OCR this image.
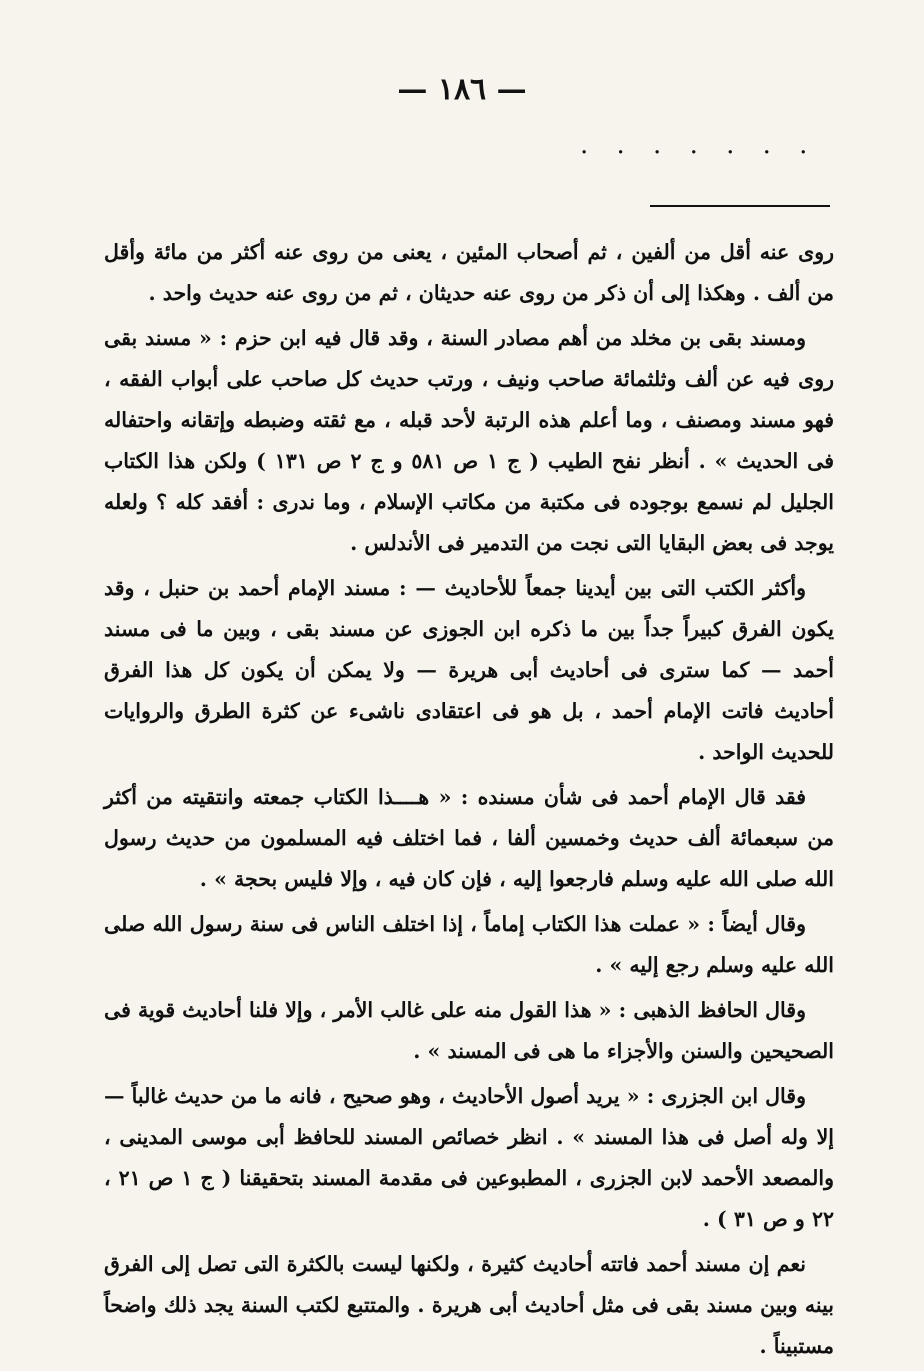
— ١٨٦ —
. . . . . . .

روى عنه أقل من ألفين ، ثم أصحاب المئين ، يعنى من روى عنه أكثر من مائة وأقل من ألف . وهكذا إلى أن ذكر من روى عنه حديثان ، ثم من روى عنه حديث واحد .

ومسند بقى بن مخلد من أهم مصادر السنة ، وقد قال فيه ابن حزم : « مسند بقى روى فيه عن ألف وثلثمائة صاحب ونيف ، ورتب حديث كل صاحب على أبواب الفقه ، فهو مسند ومصنف ، وما أعلم هذه الرتبة لأحد قبله ، مع ثقته وضبطه وإتقانه واحتفاله فى الحديث » . أنظر نفح الطيب ( ج ١ ص ٥٨١ و ج ٢ ص ١٣١ ) ولكن هذا الكتاب الجليل لم نسمع بوجوده فى مكتبة من مكاتب الإسلام ، وما ندرى : أفقد كله ؟ ولعله يوجد فى بعض البقايا التى نجت من التدمير فى الأندلس .

وأكثر الكتب التى بين أيدينا جمعاً للأحاديث — : مسند الإمام أحمد بن حنبل ، وقد يكون الفرق كبيراً جداً بين ما ذكره ابن الجوزى عن مسند بقى ، وبين ما فى مسند أحمد — كما سترى فى أحاديث أبى هريرة — ولا يمكن أن يكون كل هذا الفرق أحاديث فاتت الإمام أحمد ، بل هو فى اعتقادى ناشىء عن كثرة الطرق والروايات للحديث الواحد .

فقد قال الإمام أحمد فى شأن مسنده : « هــــذا الكتاب جمعته وانتقيته من أكثر من سبعمائة ألف حديث وخمسين ألفا ، فما اختلف فيه المسلمون من حديث رسول الله صلى الله عليه وسلم فارجعوا إليه ، فإن كان فيه ، وإلا فليس بحجة » .

وقال أيضاً : « عملت هذا الكتاب إماماً ، إذا اختلف الناس فى سنة رسول الله صلى الله عليه وسلم رجع إليه » .

وقال الحافظ الذهبى : « هذا القول منه على غالب الأمر ، وإلا فلنا أحاديث قوية فى الصحيحين والسنن والأجزاء ما هى فى المسند » .

وقال ابن الجزرى : « يريد أصول الأحاديث ، وهو صحيح ، فانه ما من حديث غالباً — إلا وله أصل فى هذا المسند » . انظر خصائص المسند للحافظ أبى موسى المدينى ، والمصعد الأحمد لابن الجزرى ، المطبوعين فى مقدمة المسند بتحقيقنا ( ج ١ ص ٢١ ، ٢٢ و ص ٣١ ) .

نعم إن مسند أحمد فاتته أحاديث كثيرة ، ولكنها ليست بالكثرة التى تصل إلى الفرق بينه وبين مسند بقى فى مثل أحاديث أبى هريرة . والمتتبع لكتب السنة يجد ذلك واضحاً مستبيناً .
